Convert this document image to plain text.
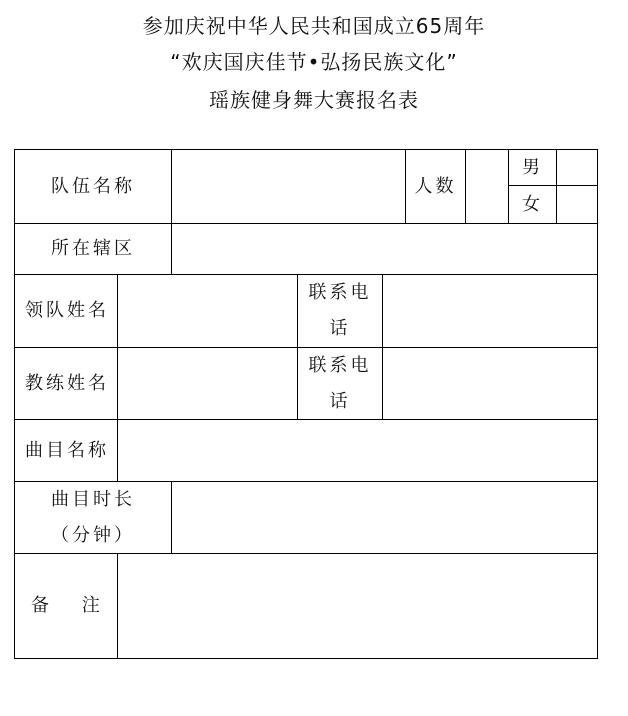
参加庆祝中华人民共和国成立65周年
“欢庆国庆佳节•弘扬民族文化”
瑶族健身舞大赛报名表
队伍名称	人数
男
女
所在辖区
领队姓名
联系电话
教练姓名
联系电话
曲目名称
曲目时长
（分钟）
备　 注
